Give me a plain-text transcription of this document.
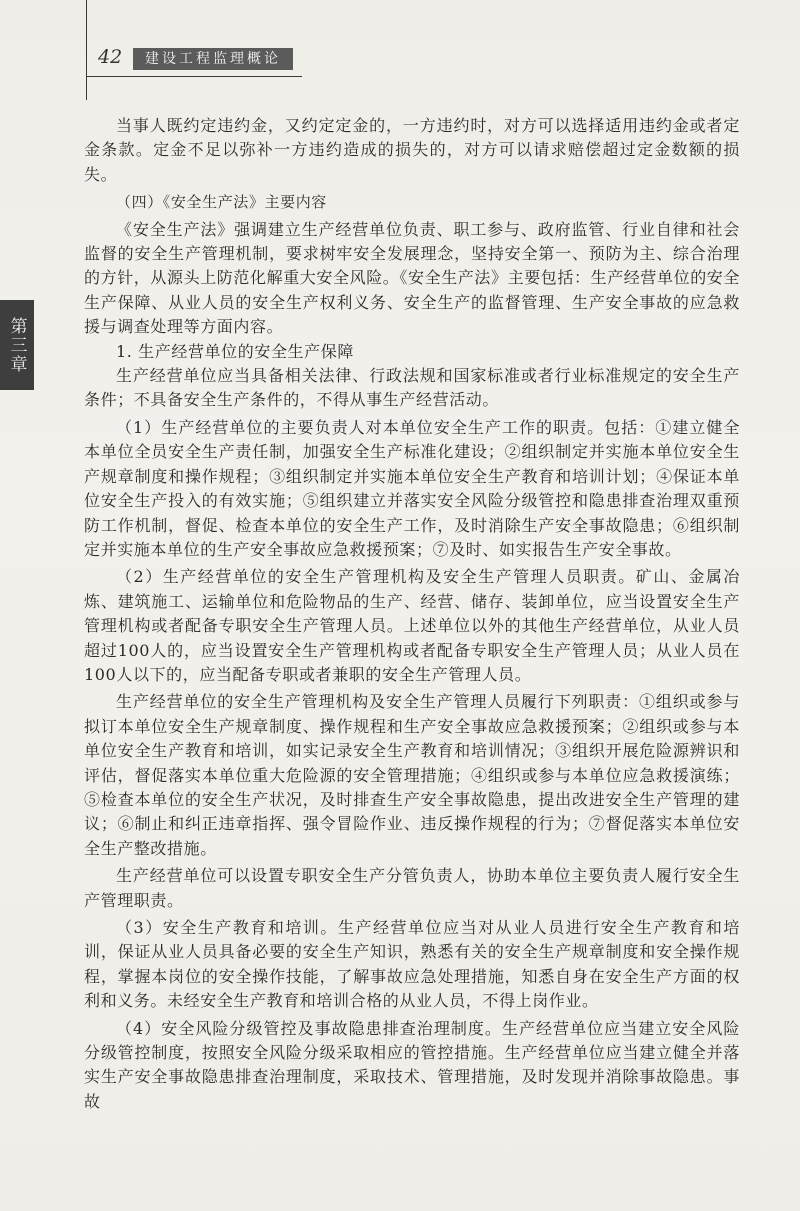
42	建设工程监理概论
第三章

当事人既约定违约金，又约定定金的，一方违约时，对方可以选择适用违约金或者定金条款。定金不足以弥补一方违约造成的损失的，对方可以请求赔偿超过定金数额的损失。

（四）《安全生产法》主要内容

《安全生产法》强调建立生产经营单位负责、职工参与、政府监管、行业自律和社会监督的安全生产管理机制，要求树牢安全发展理念，坚持安全第一、预防为主、综合治理的方针，从源头上防范化解重大安全风险。《安全生产法》主要包括：生产经营单位的安全生产保障、从业人员的安全生产权利义务、安全生产的监督管理、生产安全事故的应急救援与调查处理等方面内容。

1. 生产经营单位的安全生产保障

生产经营单位应当具备相关法律、行政法规和国家标准或者行业标准规定的安全生产条件；不具备安全生产条件的，不得从事生产经营活动。

（1）生产经营单位的主要负责人对本单位安全生产工作的职责。包括：①建立健全本单位全员安全生产责任制，加强安全生产标准化建设；②组织制定并实施本单位安全生产规章制度和操作规程；③组织制定并实施本单位安全生产教育和培训计划；④保证本单位安全生产投入的有效实施；⑤组织建立并落实安全风险分级管控和隐患排查治理双重预防工作机制，督促、检查本单位的安全生产工作，及时消除生产安全事故隐患；⑥组织制定并实施本单位的生产安全事故应急救援预案；⑦及时、如实报告生产安全事故。

（2）生产经营单位的安全生产管理机构及安全生产管理人员职责。矿山、金属冶炼、建筑施工、运输单位和危险物品的生产、经营、储存、装卸单位，应当设置安全生产管理机构或者配备专职安全生产管理人员。上述单位以外的其他生产经营单位，从业人员超过100人的，应当设置安全生产管理机构或者配备专职安全生产管理人员；从业人员在100人以下的，应当配备专职或者兼职的安全生产管理人员。

生产经营单位的安全生产管理机构及安全生产管理人员履行下列职责：①组织或参与拟订本单位安全生产规章制度、操作规程和生产安全事故应急救援预案；②组织或参与本单位安全生产教育和培训，如实记录安全生产教育和培训情况；③组织开展危险源辨识和评估，督促落实本单位重大危险源的安全管理措施；④组织或参与本单位应急救援演练；⑤检查本单位的安全生产状况，及时排查生产安全事故隐患，提出改进安全生产管理的建议；⑥制止和纠正违章指挥、强令冒险作业、违反操作规程的行为；⑦督促落实本单位安全生产整改措施。

生产经营单位可以设置专职安全生产分管负责人，协助本单位主要负责人履行安全生产管理职责。

（3）安全生产教育和培训。生产经营单位应当对从业人员进行安全生产教育和培训，保证从业人员具备必要的安全生产知识，熟悉有关的安全生产规章制度和安全操作规程，掌握本岗位的安全操作技能，了解事故应急处理措施，知悉自身在安全生产方面的权利和义务。未经安全生产教育和培训合格的从业人员，不得上岗作业。

（4）安全风险分级管控及事故隐患排查治理制度。生产经营单位应当建立安全风险分级管控制度，按照安全风险分级采取相应的管控措施。生产经营单位应当建立健全并落实生产安全事故隐患排查治理制度，采取技术、管理措施，及时发现并消除事故隐患。事故
